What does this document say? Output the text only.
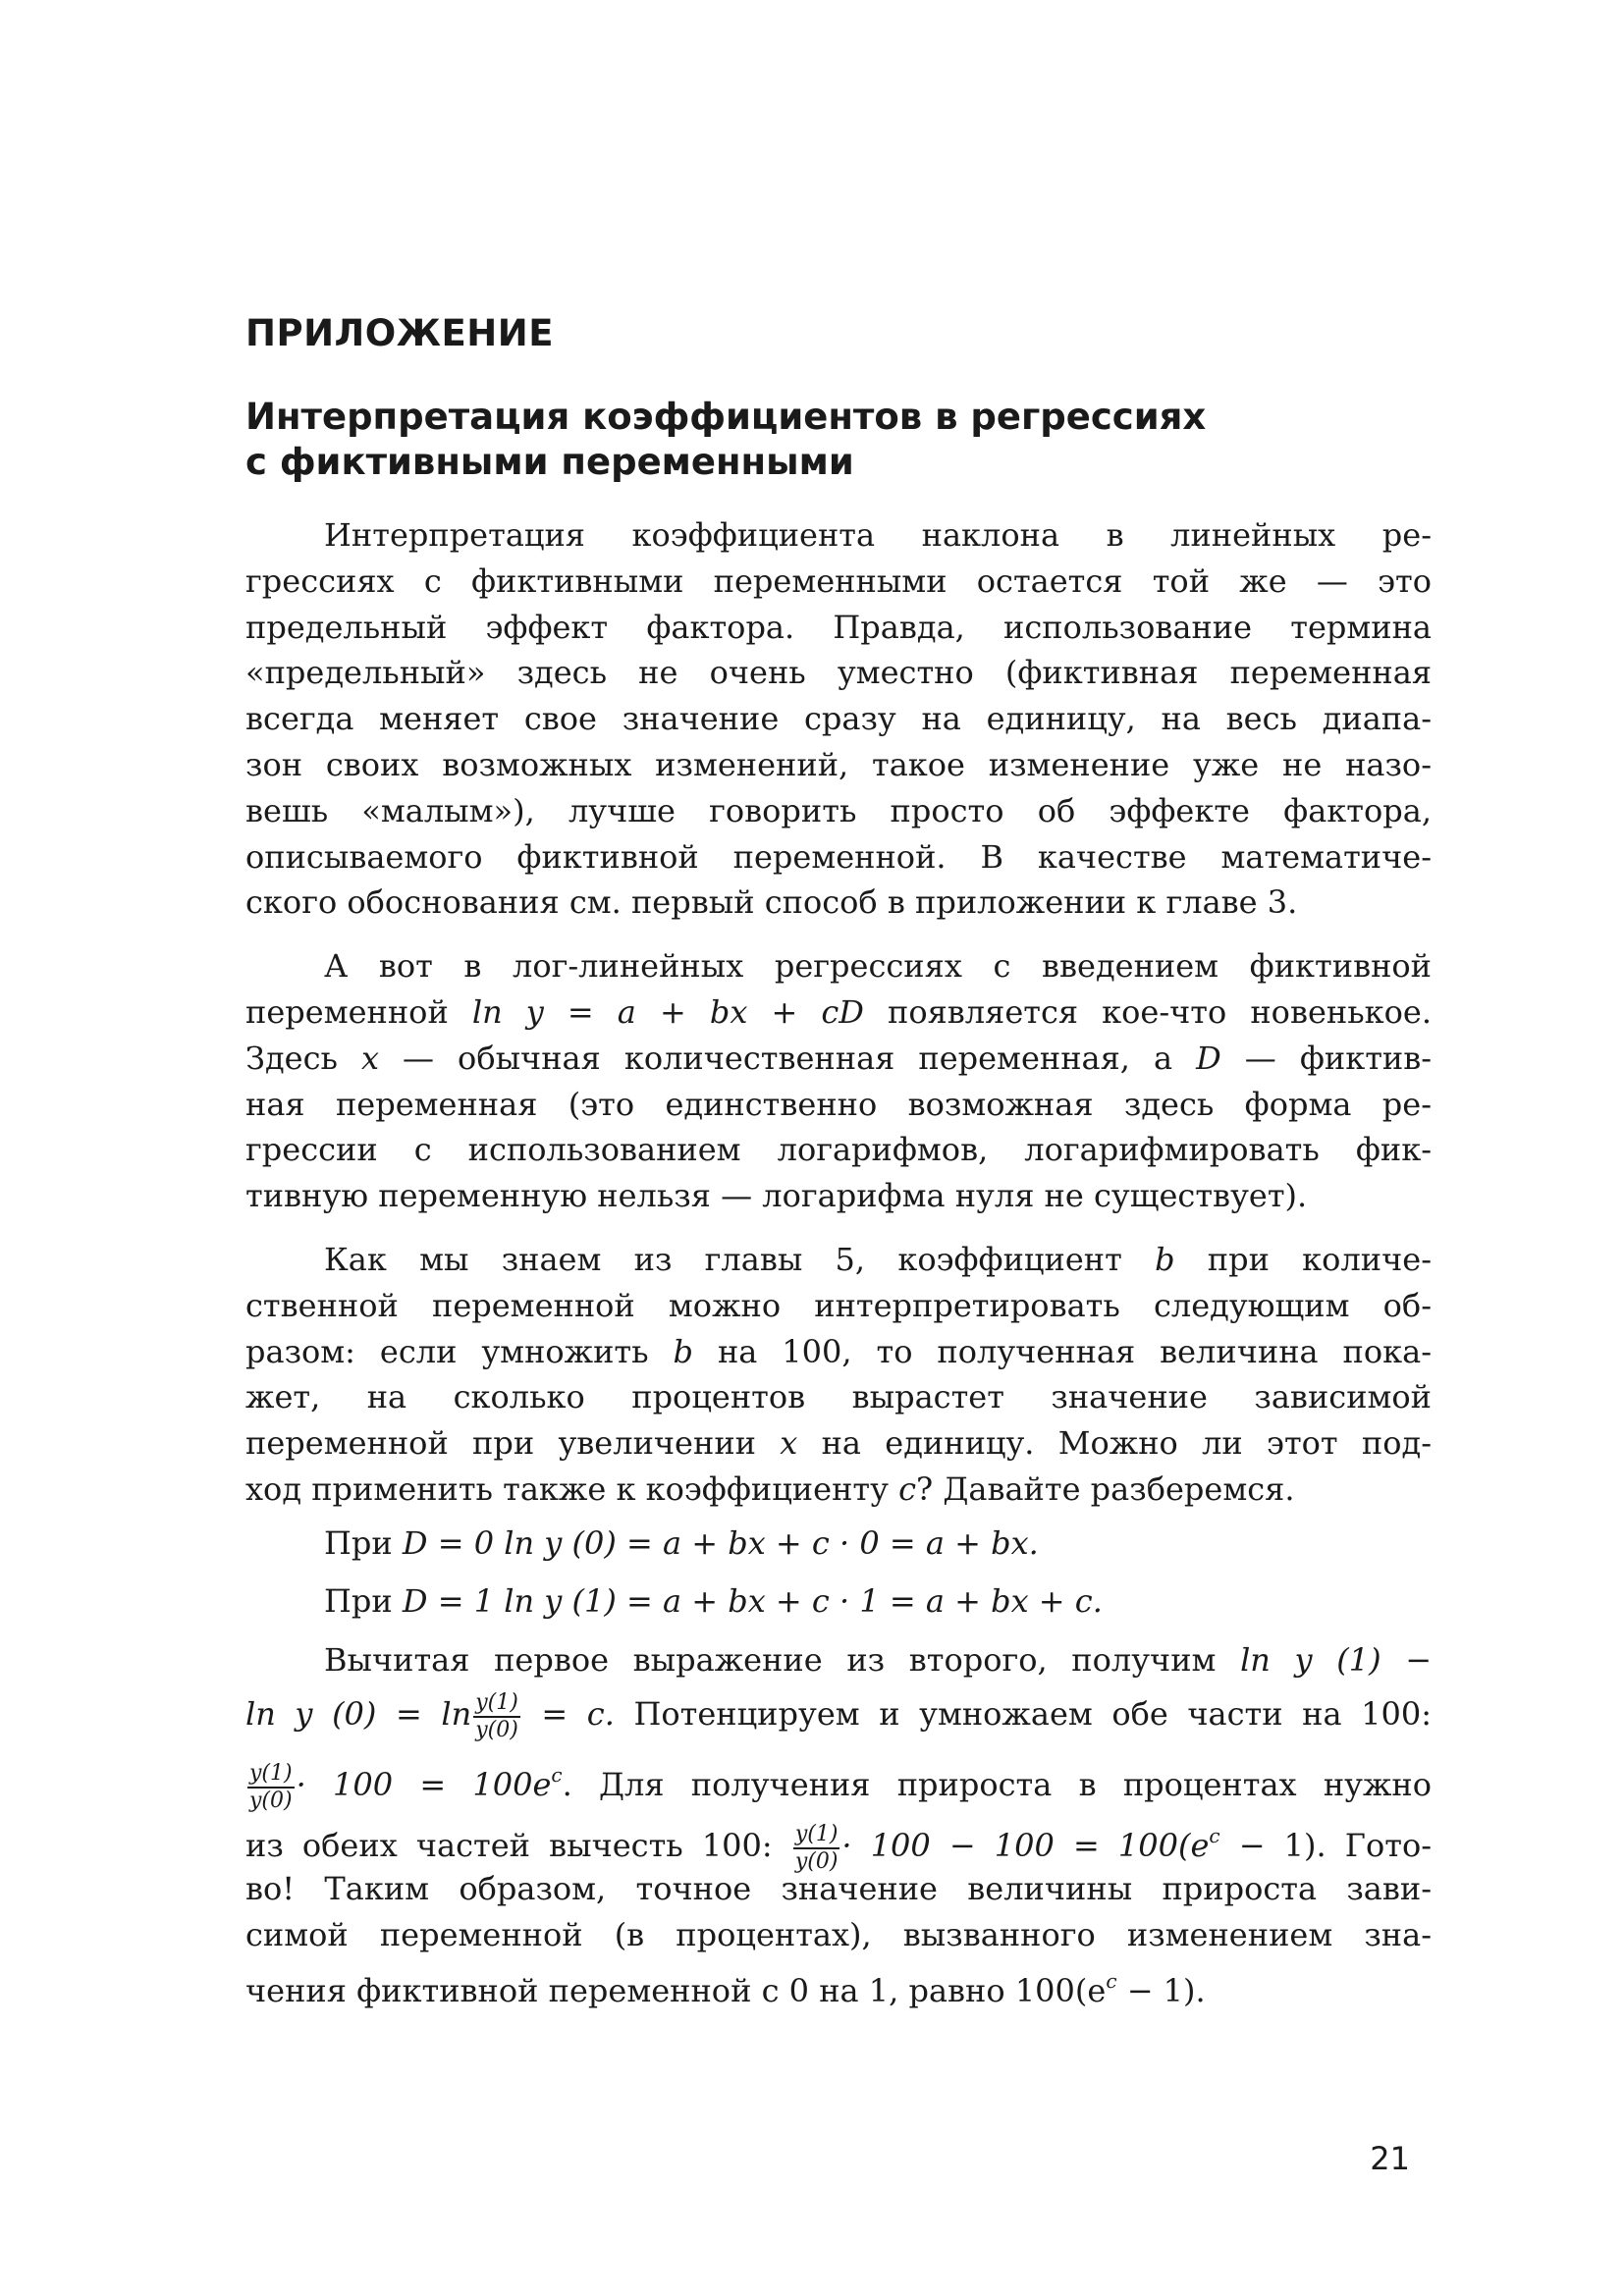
ПРИЛОЖЕНИЕ
Интерпретация коэффициентов в регрессиях
с фиктивными переменными

Интерпретация коэффициента наклона в линейных ре-
грессиях с фиктивными переменными остается той же — это
предельный эффект фактора. Правда, использование термина
«предельный» здесь не очень уместно (фиктивная переменная
всегда меняет свое значение сразу на единицу, на весь диапа-
зон своих возможных изменений, такое изменение уже не назо-
вешь «малым»), лучше говорить просто об эффекте фактора,
описываемого фиктивной переменной. В качестве математиче-
ского обоснования см. первый способ в приложении к главе 3.

А вот в лог-линейных регрессиях с введением фиктивной
переменной ln y = a + bx + cD появляется кое-что новенькое.
Здесь x — обычная количественная переменная, а D — фиктив-
ная переменная (это единственно возможная здесь форма ре-
грессии с использованием логарифмов, логарифмировать фик-
тивную переменную нельзя — логарифма нуля не существует).

Как мы знаем из главы 5, коэффициент b при количе-
ственной переменной можно интерпретировать следующим об-
разом: если умножить b на 100, то полученная величина пока-
жет, на сколько процентов вырастет значение зависимой
переменной при увеличении x на единицу. Можно ли этот под-
ход применить также к коэффициенту c? Давайте разберемся.

При D = 0 ln y (0) = a + bx + c · 0 = a + bx.
При D = 1 ln y (1) = a + bx + c · 1 = a + bx + c.

Вычитая первое выражение из второго, получим ln y (1) −
ln y $(0) = \ln \frac{y(1)}{y(0)} = c$. Потенцируем и умножаем обе части на 100:
$\frac{y(1)}{y(0)} \cdot 100 = 100e^c$. Для получения прироста в процентах нужно
из обеих частей вычесть 100: $\frac{y(1)}{y(0)} \cdot 100 - 100 = 100(e^c - 1)$. Гото-
во! Таким образом, точное значение величины прироста зави-
симой переменной (в процентах), вызванного изменением зна-
чения фиктивной переменной с 0 на 1, равно $100(e^c - 1)$.

21
